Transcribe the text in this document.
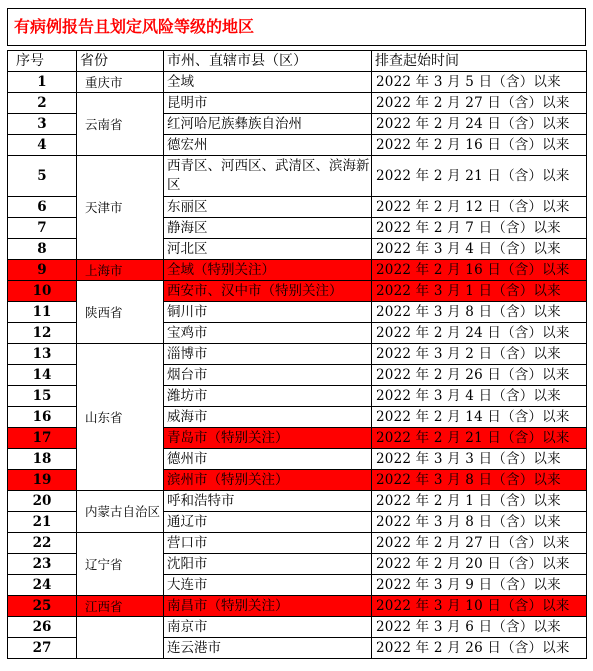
有病例报告且划定风险等级的地区
序号	省份	市州、直辖市县（区）	排查起始时间
1	重庆市	全域	2022 年 3 月 5 日（含）以来
2	云南省	昆明市	2022 年 2 月 27 日（含）以来
3		红河哈尼族彝族自治州	2022 年 2 月 24 日（含）以来
4		德宏州	2022 年 2 月 16 日（含）以来
5	天津市	西青区、河西区、武清区、滨海新区	2022 年 2 月 21 日（含）以来
6		东丽区	2022 年 2 月 12 日（含）以来
7		静海区	2022 年 2 月 7 日（含）以来
8		河北区	2022 年 3 月 4 日（含）以来
9	上海市	全域（特别关注）	2022 年 2 月 16 日（含）以来
10	陕西省	西安市、汉中市（特别关注）	2022 年 3 月 1 日（含）以来
11		铜川市	2022 年 3 月 8 日（含）以来
12		宝鸡市	2022 年 2 月 24 日（含）以来
13	山东省	淄博市	2022 年 3 月 2 日（含）以来
14		烟台市	2022 年 2 月 26 日（含）以来
15		潍坊市	2022 年 3 月 4 日（含）以来
16		威海市	2022 年 2 月 14 日（含）以来
17		青岛市（特别关注）	2022 年 2 月 21 日（含）以来
18		德州市	2022 年 3 月 3 日（含）以来
19		滨州市（特别关注）	2022 年 3 月 8 日（含）以来
20	内蒙古自治区	呼和浩特市	2022 年 2 月 1 日（含）以来
21		通辽市	2022 年 3 月 8 日（含）以来
22	辽宁省	营口市	2022 年 2 月 27 日（含）以来
23		沈阳市	2022 年 2 月 20 日（含）以来
24		大连市	2022 年 3 月 9 日（含）以来
25	江西省	南昌市（特别关注）	2022 年 3 月 10 日（含）以来
26		南京市	2022 年 3 月 6 日（含）以来
27		连云港市	2022 年 2 月 26 日（含）以来
